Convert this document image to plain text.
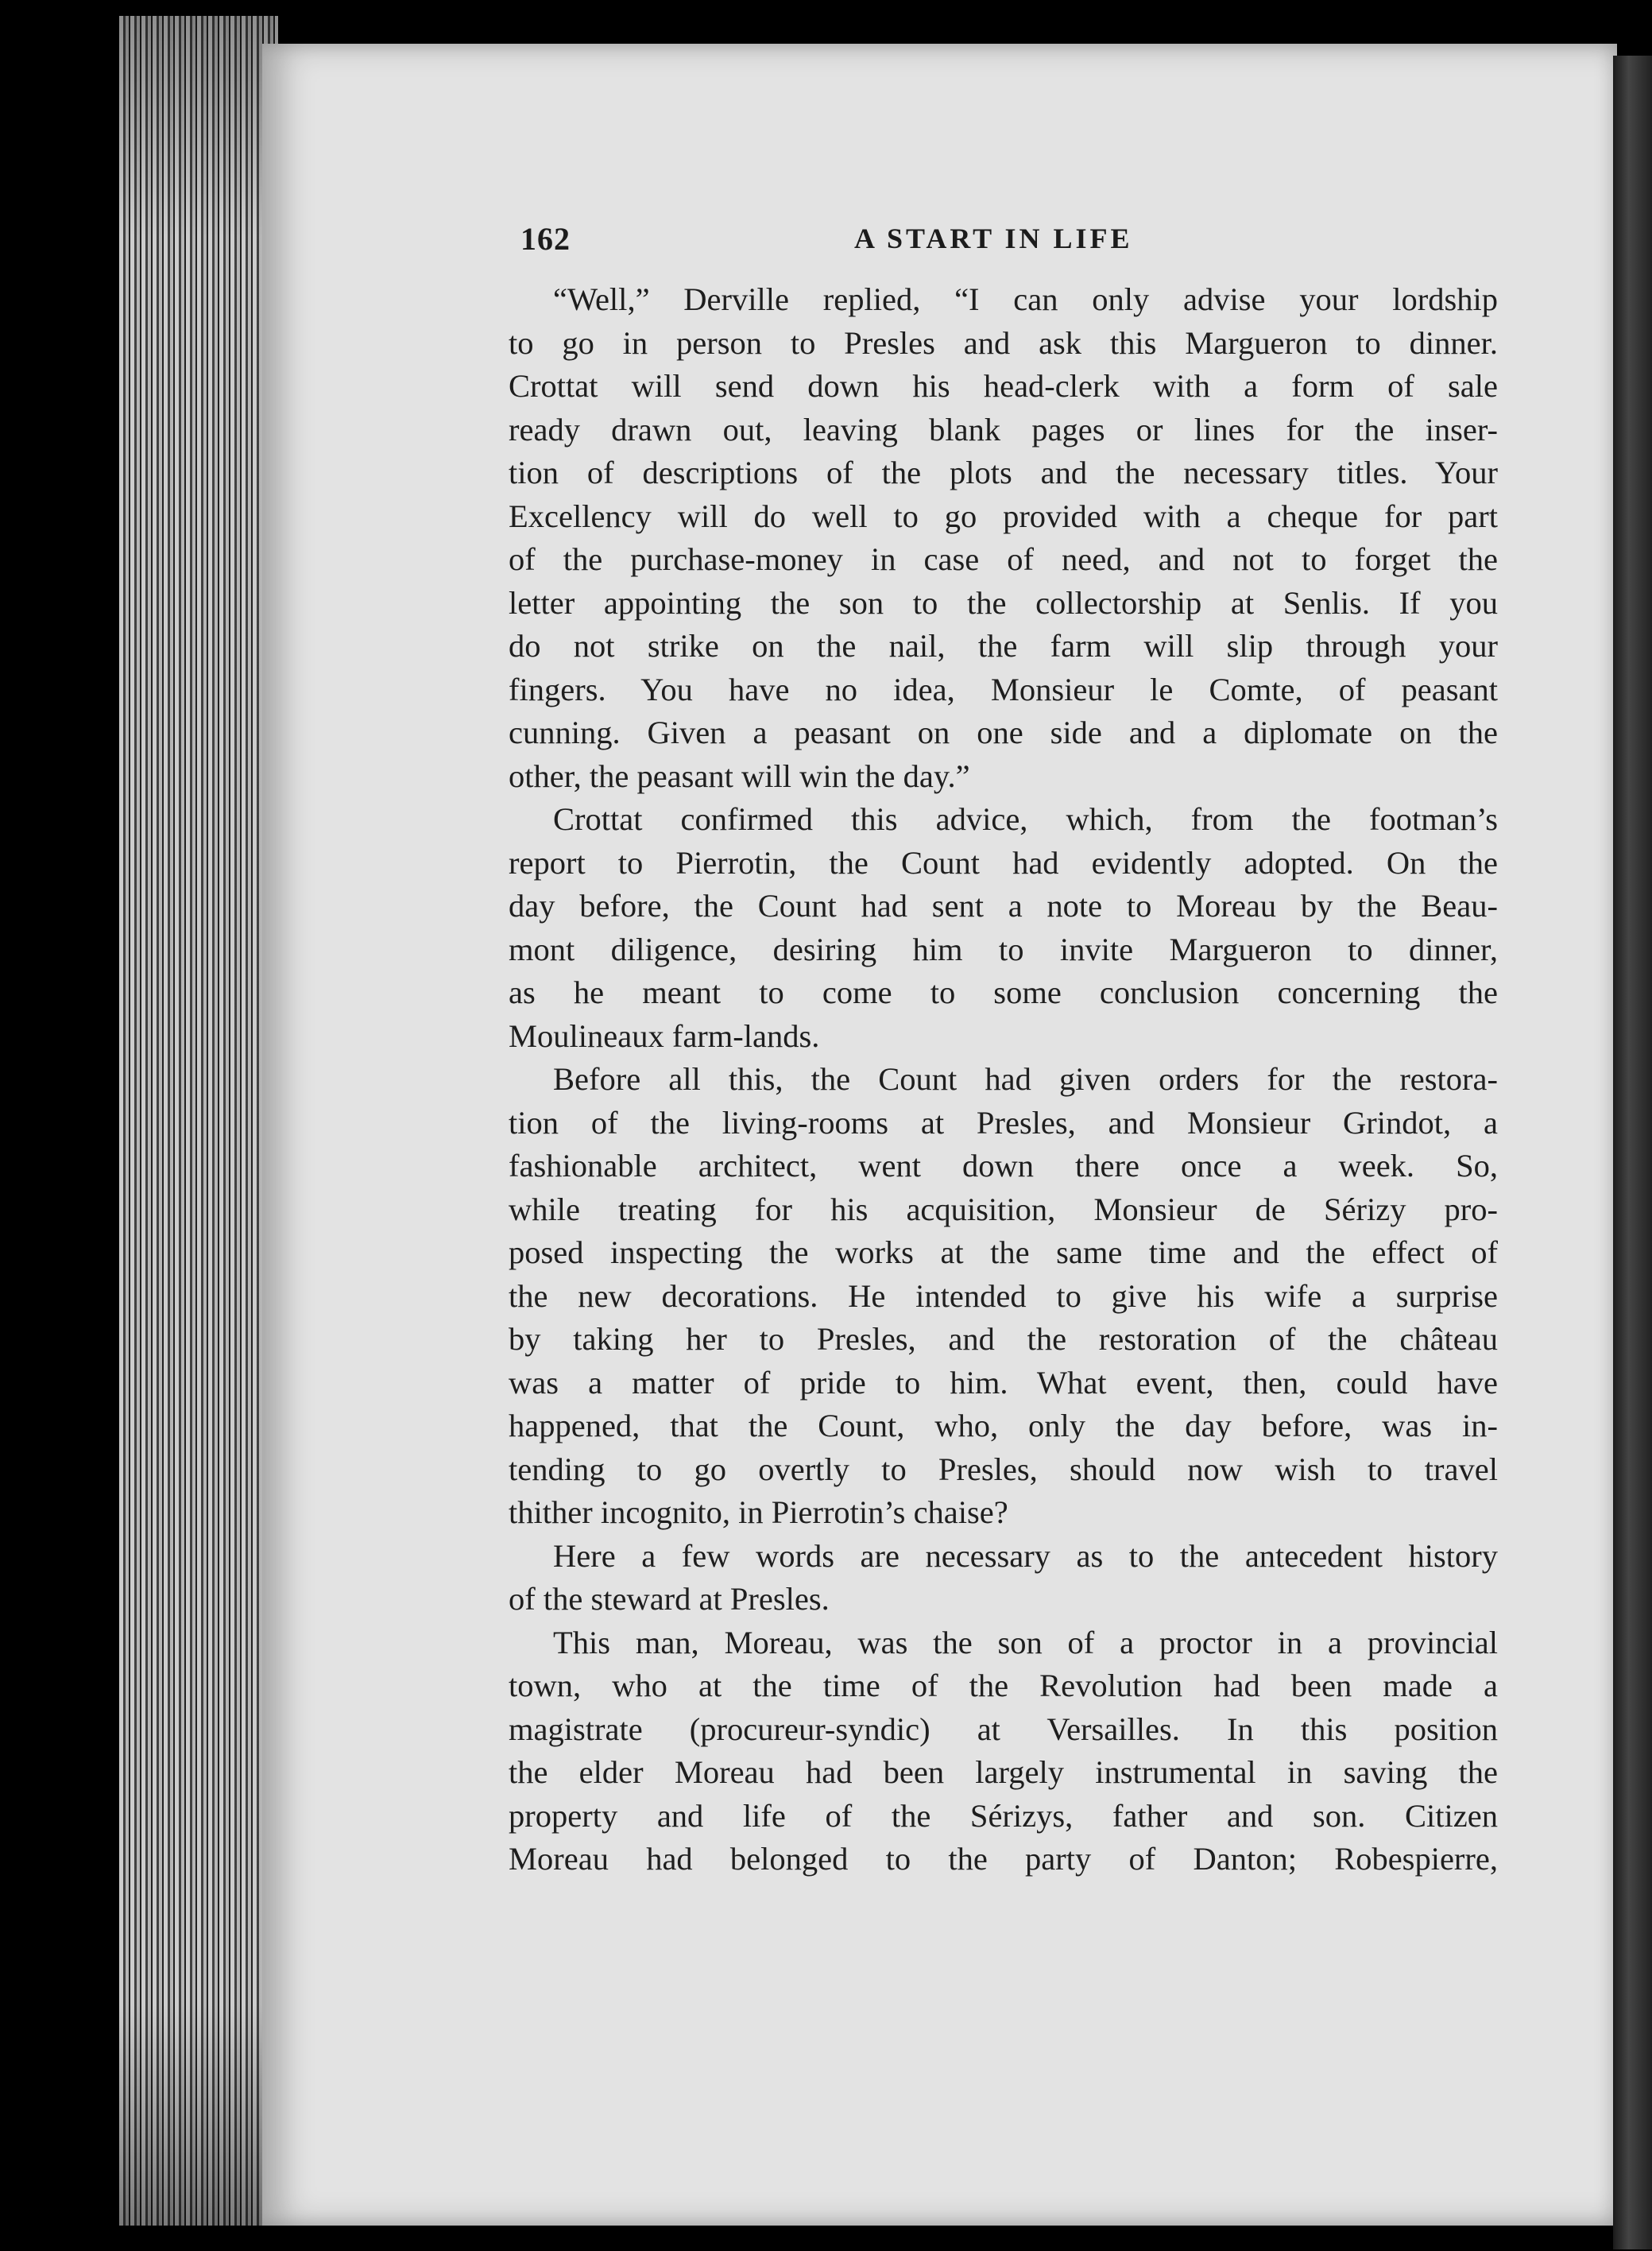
162	A START IN LIFE
“Well,” Derville replied, “I can only advise your lordship
to go in person to Presles and ask this Margueron to dinner.
Crottat will send down his head-clerk with a form of sale
ready drawn out, leaving blank pages or lines for the inser-
tion of descriptions of the plots and the necessary titles. Your
Excellency will do well to go provided with a cheque for part
of the purchase-money in case of need, and not to forget the
letter appointing the son to the collectorship at Senlis. If you
do not strike on the nail, the farm will slip through your
fingers. You have no idea, Monsieur le Comte, of peasant
cunning. Given a peasant on one side and a diplomate on the
other, the peasant will win the day.”
Crottat confirmed this advice, which, from the footman’s
report to Pierrotin, the Count had evidently adopted. On the
day before, the Count had sent a note to Moreau by the Beau-
mont diligence, desiring him to invite Margueron to dinner,
as he meant to come to some conclusion concerning the
Moulineaux farm-lands.
Before all this, the Count had given orders for the restora-
tion of the living-rooms at Presles, and Monsieur Grindot, a
fashionable architect, went down there once a week. So,
while treating for his acquisition, Monsieur de Sérizy pro-
posed inspecting the works at the same time and the effect of
the new decorations. He intended to give his wife a surprise
by taking her to Presles, and the restoration of the château
was a matter of pride to him. What event, then, could have
happened, that the Count, who, only the day before, was in-
tending to go overtly to Presles, should now wish to travel
thither incognito, in Pierrotin’s chaise?
Here a few words are necessary as to the antecedent history
of the steward at Presles.
This man, Moreau, was the son of a proctor in a provincial
town, who at the time of the Revolution had been made a
magistrate (procureur-syndic) at Versailles. In this position
the elder Moreau had been largely instrumental in saving the
property and life of the Sérizys, father and son. Citizen
Moreau had belonged to the party of Danton; Robespierre,
